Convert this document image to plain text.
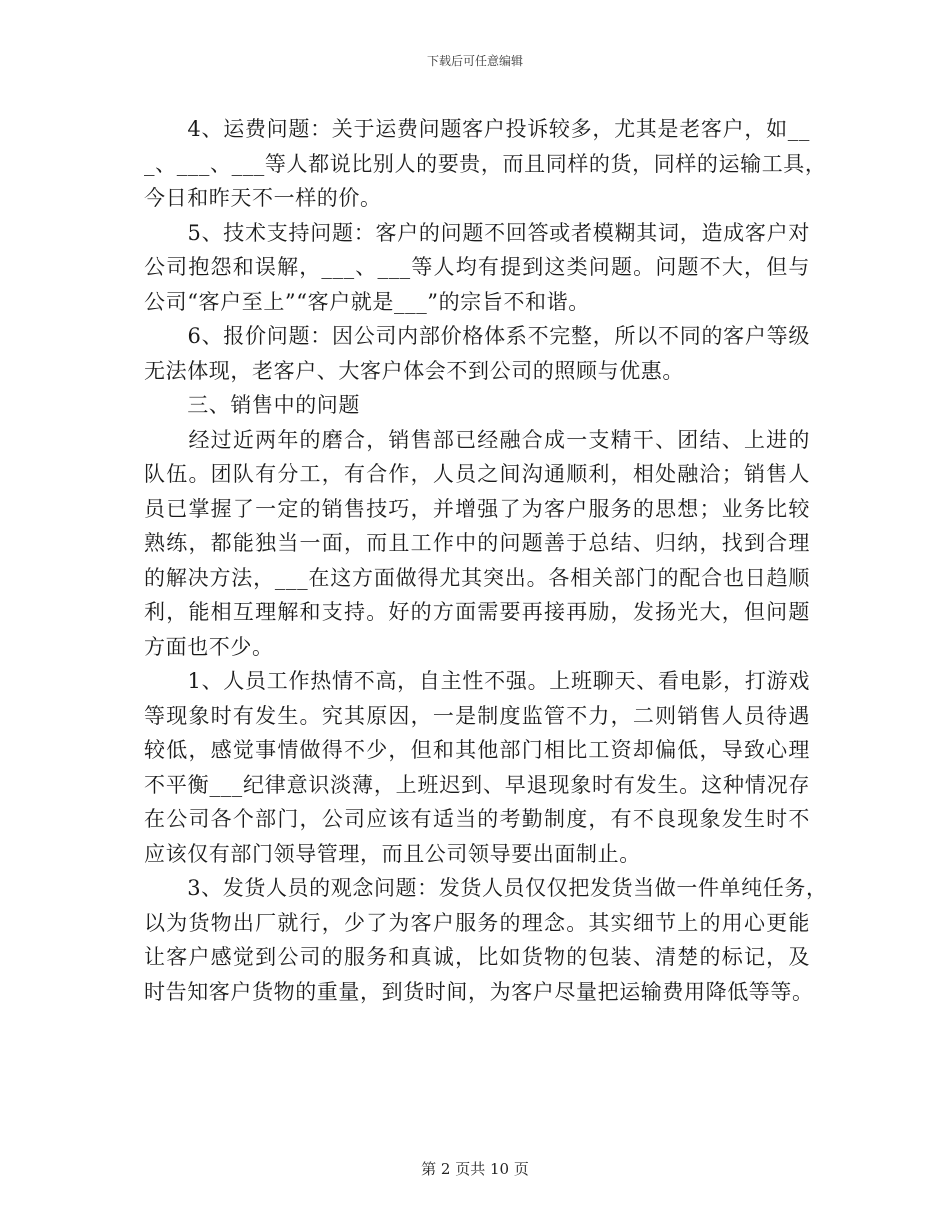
下载后可任意编辑
　　4、运费问题：关于运费问题客户投诉较多，尤其是老客户，如__
_、___、___等人都说比别人的要贵，而且同样的货，同样的运输工具，
今日和昨天不一样的价。
　　5、技术支持问题：客户的问题不回答或者模糊其词，造成客户对
公司抱怨和误解，___、___等人均有提到这类问题。问题不大，但与
公司“客户至上”“客户就是___”的宗旨不和谐。
　　6、报价问题：因公司内部价格体系不完整，所以不同的客户等级
无法体现，老客户、大客户体会不到公司的照顾与优惠。
　　三、销售中的问题
　　经过近两年的磨合，销售部已经融合成一支精干、团结、上进的
队伍。团队有分工，有合作，人员之间沟通顺利，相处融洽；销售人
员已掌握了一定的销售技巧，并增强了为客户服务的思想；业务比较
熟练，都能独当一面，而且工作中的问题善于总结、归纳，找到合理
的解决方法，___在这方面做得尤其突出。各相关部门的配合也日趋顺
利，能相互理解和支持。好的方面需要再接再励，发扬光大，但问题
方面也不少。
　　1、人员工作热情不高，自主性不强。上班聊天、看电影，打游戏
等现象时有发生。究其原因，一是制度监管不力，二则销售人员待遇
较低，感觉事情做得不少，但和其他部门相比工资却偏低，导致心理
不平衡___纪律意识淡薄，上班迟到、早退现象时有发生。这种情况存
在公司各个部门，公司应该有适当的考勤制度，有不良现象发生时不
应该仅有部门领导管理，而且公司领导要出面制止。
　　3、发货人员的观念问题：发货人员仅仅把发货当做一件单纯任务，
以为货物出厂就行，少了为客户服务的理念。其实细节上的用心更能
让客户感觉到公司的服务和真诚，比如货物的包装、清楚的标记，及
时告知客户货物的重量，到货时间，为客户尽量把运输费用降低等等。
第 2 页共 10 页
